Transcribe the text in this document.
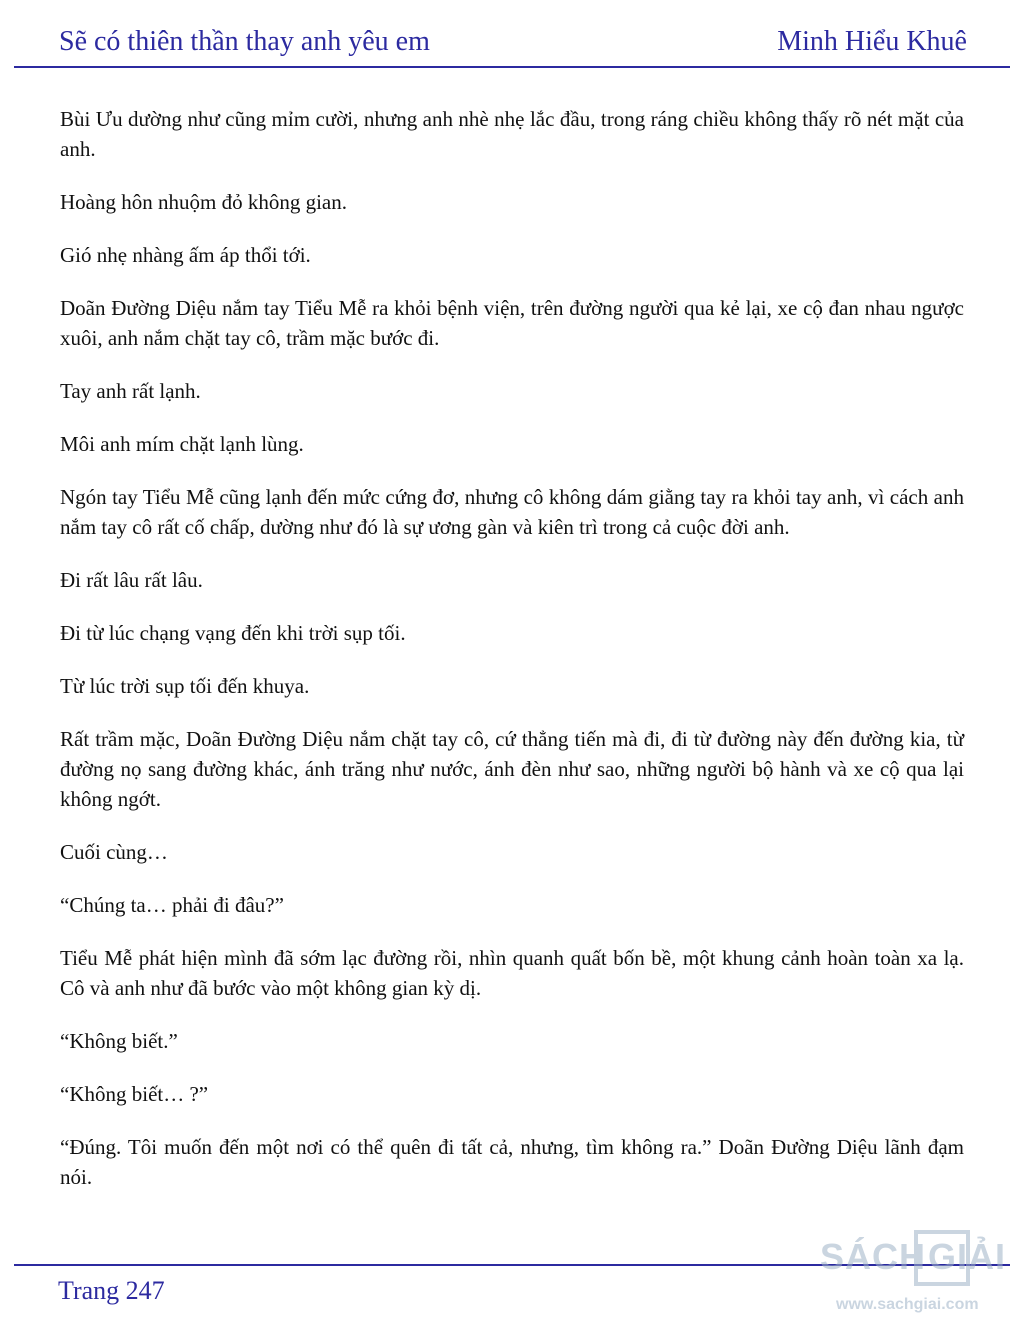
Sẽ có thiên thần thay anh yêu em	Minh Hiểu Khuê

Bùi Ưu dường như cũng mỉm cười, nhưng anh nhè nhẹ lắc đầu, trong ráng chiều không thấy rõ nét mặt của anh.

Hoàng hôn nhuộm đỏ không gian.

Gió nhẹ nhàng ấm áp thổi tới.

Doãn Đường Diệu nắm tay Tiểu Mễ ra khỏi bệnh viện, trên đường người qua kẻ lại, xe cộ đan nhau ngược xuôi, anh nắm chặt tay cô, trầm mặc bước đi.

Tay anh rất lạnh.

Môi anh mím chặt lạnh lùng.

Ngón tay Tiểu Mễ cũng lạnh đến mức cứng đơ, nhưng cô không dám giằng tay ra khỏi tay anh, vì cách anh nắm tay cô rất cố chấp, dường như đó là sự ương gàn và kiên trì trong cả cuộc đời anh.

Đi rất lâu rất lâu.

Đi từ lúc chạng vạng đến khi trời sụp tối.

Từ lúc trời sụp tối đến khuya.

Rất trầm mặc, Doãn Đường Diệu nắm chặt tay cô, cứ thẳng tiến mà đi, đi từ đường này đến đường kia, từ đường nọ sang đường khác, ánh trăng như nước, ánh đèn như sao, những người bộ hành và xe cộ qua lại không ngớt.

Cuối cùng…

“Chúng ta… phải đi đâu?”

Tiểu Mễ phát hiện mình đã sớm lạc đường rồi, nhìn quanh quất bốn bề, một khung cảnh hoàn toàn xa lạ. Cô và anh như đã bước vào một không gian kỳ dị.

“Không biết.”

“Không biết… ?”

“Đúng. Tôi muốn đến một nơi có thể quên đi tất cả, nhưng, tìm không ra.” Doãn Đường Diệu lãnh đạm nói.

Trang 247
SÁCH GIẢI
www.sachgiai.com
